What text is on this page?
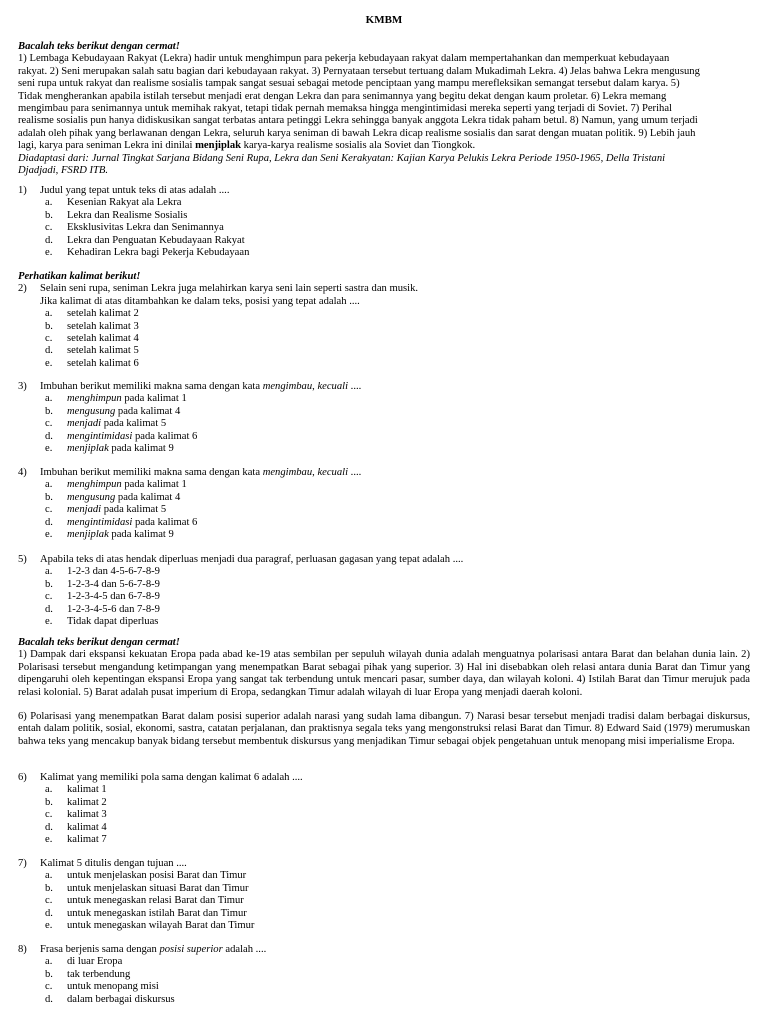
KMBM
Bacalah teks berikut dengan cermat!
1) Lembaga Kebudayaan Rakyat (Lekra) hadir untuk menghimpun para pekerja kebudayaan rakyat dalam mempertahankan dan memperkuat kebudayaan
rakyat. 2) Seni merupakan salah satu bagian dari kebudayaan rakyat. 3) Pernyataan tersebut tertuang dalam Mukadimah Lekra. 4) Jelas bahwa Lekra mengusung
seni rupa untuk rakyat dan realisme sosialis tampak sangat sesuai sebagai metode penciptaan yang mampu merefleksikan semangat tersebut dalam karya. 5)
Tidak mengherankan apabila istilah tersebut menjadi erat dengan Lekra dan para senimannya yang begitu dekat dengan kaum proletar. 6) Lekra memang
mengimbau para senimannya untuk memihak rakyat, tetapi tidak pernah memaksa hingga mengintimidasi mereka seperti yang terjadi di Soviet. 7) Perihal
realisme sosialis pun hanya didiskusikan sangat terbatas antara petinggi Lekra sehingga banyak anggota Lekra tidak paham betul. 8) Namun, yang umum terjadi
adalah oleh pihak yang berlawanan dengan Lekra, seluruh karya seniman di bawah Lekra dicap realisme sosialis dan sarat dengan muatan politik. 9) Lebih jauh
lagi, karya para seniman Lekra ini dinilai menjiplak karya-karya realisme sosialis ala Soviet dan Tiongkok.
Diadaptasi dari: Jurnal Tingkat Sarjana Bidang Seni Rupa, Lekra dan Seni Kerakyatan: Kajian Karya Pelukis Lekra Periode 1950-1965, Della Tristani
Djadjadi, FSRD ITB.
1) Judul yang tepat untuk teks di atas adalah ....
a. Kesenian Rakyat ala Lekra
b. Lekra dan Realisme Sosialis
c. Eksklusivitas Lekra dan Senimannya
d. Lekra dan Penguatan Kebudayaan Rakyat
e. Kehadiran Lekra bagi Pekerja Kebudayaan
Perhatikan kalimat berikut!
2) Selain seni rupa, seniman Lekra juga melahirkan karya seni lain seperti sastra dan musik.
Jika kalimat di atas ditambahkan ke dalam teks, posisi yang tepat adalah ....
a. setelah kalimat 2
b. setelah kalimat 3
c. setelah kalimat 4
d. setelah kalimat 5
e. setelah kalimat 6
3) Imbuhan berikut memiliki makna sama dengan kata mengimbau, kecuali ....
a. menghimpun pada kalimat 1
b. mengusung pada kalimat 4
c. menjadi pada kalimat 5
d. mengintimidasi pada kalimat 6
e. menjiplak pada kalimat 9
4) Imbuhan berikut memiliki makna sama dengan kata mengimbau, kecuali ....
a. menghimpun pada kalimat 1
b. mengusung pada kalimat 4
c. menjadi pada kalimat 5
d. mengintimidasi pada kalimat 6
e. menjiplak pada kalimat 9
5) Apabila teks di atas hendak diperluas menjadi dua paragraf, perluasan gagasan yang tepat adalah ....
a. 1-2-3 dan 4-5-6-7-8-9
b. 1-2-3-4 dan 5-6-7-8-9
c. 1-2-3-4-5 dan 6-7-8-9
d. 1-2-3-4-5-6 dan 7-8-9
e. Tidak dapat diperluas
Bacalah teks berikut dengan cermat!

1) Dampak dari ekspansi kekuatan Eropa pada abad ke-19 atas sembilan per sepuluh wilayah dunia adalah menguatnya polarisasi antara Barat dan belahan dunia lain. 2) Polarisasi tersebut mengandung ketimpangan yang menempatkan Barat sebagai pihak yang superior. 3) Hal ini disebabkan oleh relasi antara dunia Barat dan Timur yang dipengaruhi oleh kepentingan ekspansi Eropa yang sangat tak terbendung untuk mencari pasar, sumber daya, dan wilayah koloni. 4) Istilah Barat dan Timur merujuk pada relasi kolonial. 5) Barat adalah pusat imperium di Eropa, sedangkan Timur adalah wilayah di luar Eropa yang menjadi daerah koloni.

6) Polarisasi yang menempatkan Barat dalam posisi superior adalah narasi yang sudah lama dibangun. 7) Narasi besar tersebut menjadi tradisi dalam berbagai diskursus, entah dalam politik, sosial, ekonomi, sastra, catatan perjalanan, dan praktisnya segala teks yang mengonstruksi relasi Barat dan Timur. 8) Edward Said (1979) merumuskan bahwa teks yang mencakup banyak bidang tersebut membentuk diskursus yang menjadikan Timur sebagai objek pengetahuan untuk menopang misi imperialisme Eropa.

6) Kalimat yang memiliki pola sama dengan kalimat 6 adalah ....
a. kalimat 1
b. kalimat 2
c. kalimat 3
d. kalimat 4
e. kalimat 7
7) Kalimat 5 ditulis dengan tujuan ....
a. untuk menjelaskan posisi Barat dan Timur
b. untuk menjelaskan situasi Barat dan Timur
c. untuk menegaskan relasi Barat dan Timur
d. untuk menegaskan istilah Barat dan Timur
e. untuk menegaskan wilayah Barat dan Timur
8) Frasa berjenis sama dengan posisi superior adalah ....
a. di luar Eropa
b. tak terbendung
c. untuk menopang misi
d. dalam berbagai diskursus
